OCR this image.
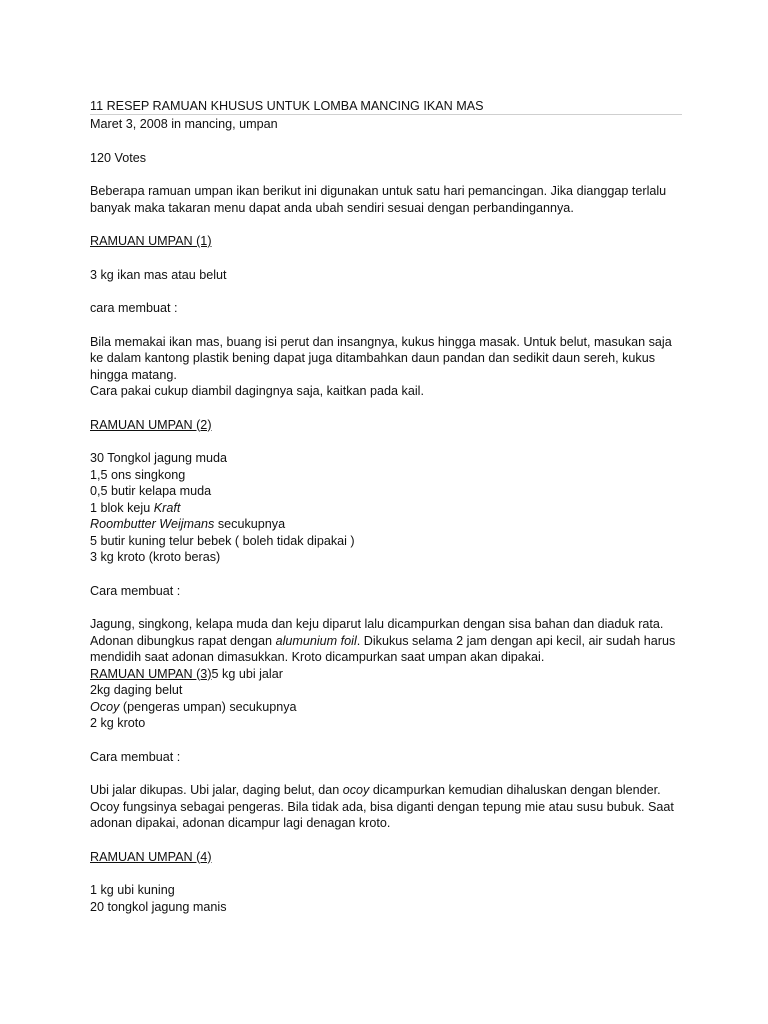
11 RESEP RAMUAN KHUSUS UNTUK LOMBA MANCING IKAN MAS
Maret 3, 2008 in mancing, umpan
120 Votes
Beberapa ramuan umpan ikan berikut ini digunakan untuk satu hari pemancingan. Jika dianggap terlalu
banyak maka takaran menu dapat anda ubah sendiri sesuai dengan perbandingannya.
RAMUAN UMPAN (1)
3 kg ikan mas atau belut
cara membuat :
Bila memakai ikan mas, buang isi perut dan insangnya, kukus hingga masak. Untuk belut, masukan saja
ke dalam kantong plastik bening dapat juga ditambahkan daun pandan dan sedikit daun sereh, kukus
hingga matang.
Cara pakai cukup diambil dagingnya saja, kaitkan pada kail.
RAMUAN UMPAN (2)
30 Tongkol jagung muda
1,5 ons singkong
0,5 butir kelapa muda
1 blok keju Kraft
Roombutter Weijmans secukupnya
5 butir kuning telur bebek ( boleh tidak dipakai )
3 kg kroto (kroto beras)
Cara membuat :
Jagung, singkong, kelapa muda dan keju diparut lalu dicampurkan dengan sisa bahan dan diaduk rata.
Adonan dibungkus rapat dengan alumunium foil. Dikukus selama 2 jam dengan api kecil, air sudah harus
mendidih saat adonan dimasukkan. Kroto dicampurkan saat umpan akan dipakai.
RAMUAN UMPAN (3)5 kg ubi jalar
2kg daging belut
Ocoy (pengeras umpan) secukupnya
2 kg kroto
Cara membuat :
Ubi jalar dikupas. Ubi jalar, daging belut, dan ocoy dicampurkan kemudian dihaluskan dengan blender.
Ocoy fungsinya sebagai pengeras. Bila tidak ada, bisa diganti dengan tepung mie atau susu bubuk. Saat
adonan dipakai, adonan dicampur lagi denagan kroto.
RAMUAN UMPAN (4)
1 kg ubi kuning
20 tongkol jagung manis
